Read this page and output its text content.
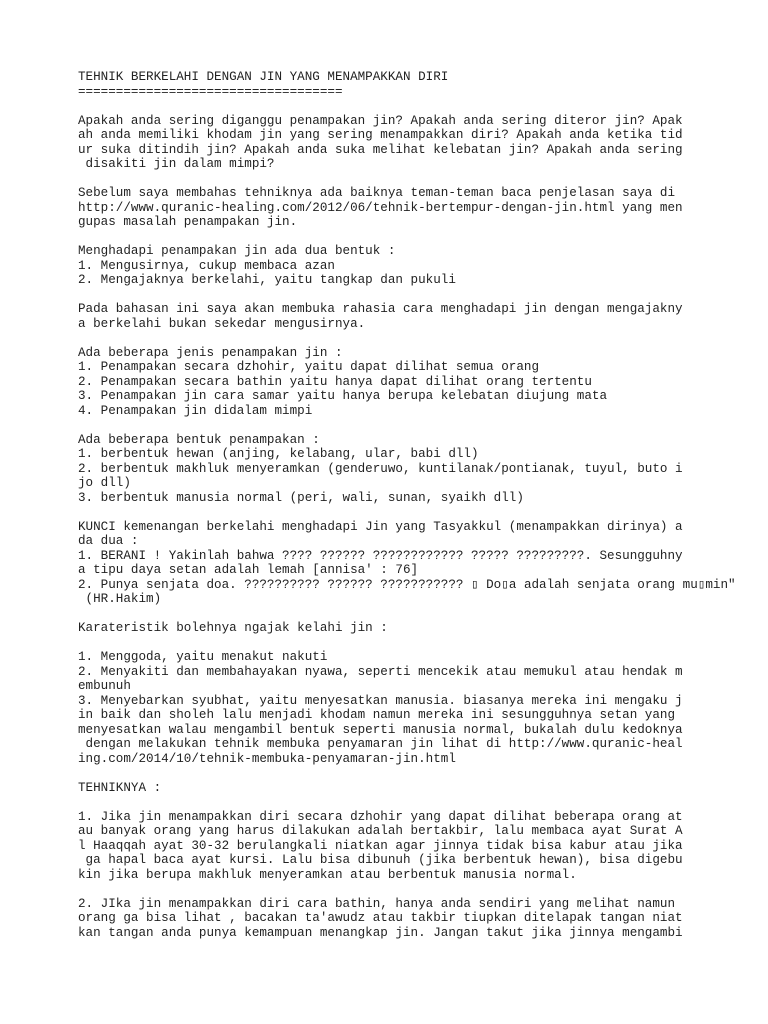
TEHNIK BERKELAHI DENGAN JIN YANG MENAMPAKKAN DIRI
===================================
Apakah anda sering diganggu penampakan jin? Apakah anda sering diteror jin? Apak
ah anda memiliki khodam jin yang sering menampakkan diri? Apakah anda ketika tid
ur suka ditindih jin? Apakah anda suka melihat kelebatan jin? Apakah anda sering
disakiti jin dalam mimpi?
Sebelum saya membahas tehniknya ada baiknya teman-teman baca penjelasan saya di
http://www.quranic-healing.com/2012/06/tehnik-bertempur-dengan-jin.html yang men
gupas masalah penampakan jin.
Menghadapi penampakan jin ada dua bentuk :
1. Mengusirnya, cukup membaca azan
2. Mengajaknya berkelahi, yaitu tangkap dan pukuli
Pada bahasan ini saya akan membuka rahasia cara menghadapi jin dengan mengajakny
a berkelahi bukan sekedar mengusirnya.
Ada beberapa jenis penampakan jin :
1. Penampakan secara dzhohir, yaitu dapat dilihat semua orang
2. Penampakan secara bathin yaitu hanya dapat dilihat orang tertentu
3. Penampakan jin cara samar yaitu hanya berupa kelebatan diujung mata
4. Penampakan jin didalam mimpi
Ada beberapa bentuk penampakan :
1. berbentuk hewan (anjing, kelabang, ular, babi dll)
2. berbentuk makhluk menyeramkan (genderuwo, kuntilanak/pontianak, tuyul, buto i
jo dll)
3. berbentuk manusia normal (peri, wali, sunan, syaikh dll)
KUNCI kemenangan berkelahi menghadapi Jin yang Tasyakkul (menampakkan dirinya) a
da dua :
1. BERANI ! Yakinlah bahwa ???? ?????? ???????????? ????? ?????????. Sesungguhny
a tipu daya setan adalah lemah [annisa' : 76]
2. Punya senjata doa. ?????????? ?????? ??????????? ▯ Do▯a adalah senjata orang mu▯min"
(HR.Hakim)
Karateristik bolehnya ngajak kelahi jin :
1. Menggoda, yaitu menakut nakuti
2. Menyakiti dan membahayakan nyawa, seperti mencekik atau memukul atau hendak m
embunuh
3. Menyebarkan syubhat, yaitu menyesatkan manusia. biasanya mereka ini mengaku j
in baik dan sholeh lalu menjadi khodam namun mereka ini sesungguhnya setan yang
menyesatkan walau mengambil bentuk seperti manusia normal, bukalah dulu kedoknya
dengan melakukan tehnik membuka penyamaran jin lihat di http://www.quranic-heal
ing.com/2014/10/tehnik-membuka-penyamaran-jin.html
TEHNIKNYA :
1. Jika jin menampakkan diri secara dzhohir yang dapat dilihat beberapa orang at
au banyak orang yang harus dilakukan adalah bertakbir, lalu membaca ayat Surat A
l Haaqqah ayat 30-32 berulangkali niatkan agar jinnya tidak bisa kabur atau jika
ga hapal baca ayat kursi. Lalu bisa dibunuh (jika berbentuk hewan), bisa digebu
kin jika berupa makhluk menyeramkan atau berbentuk manusia normal.
2. JIka jin menampakkan diri cara bathin, hanya anda sendiri yang melihat namun
orang ga bisa lihat , bacakan ta'awudz atau takbir tiupkan ditelapak tangan niat
kan tangan anda punya kemampuan menangkap jin. Jangan takut jika jinnya mengambi
